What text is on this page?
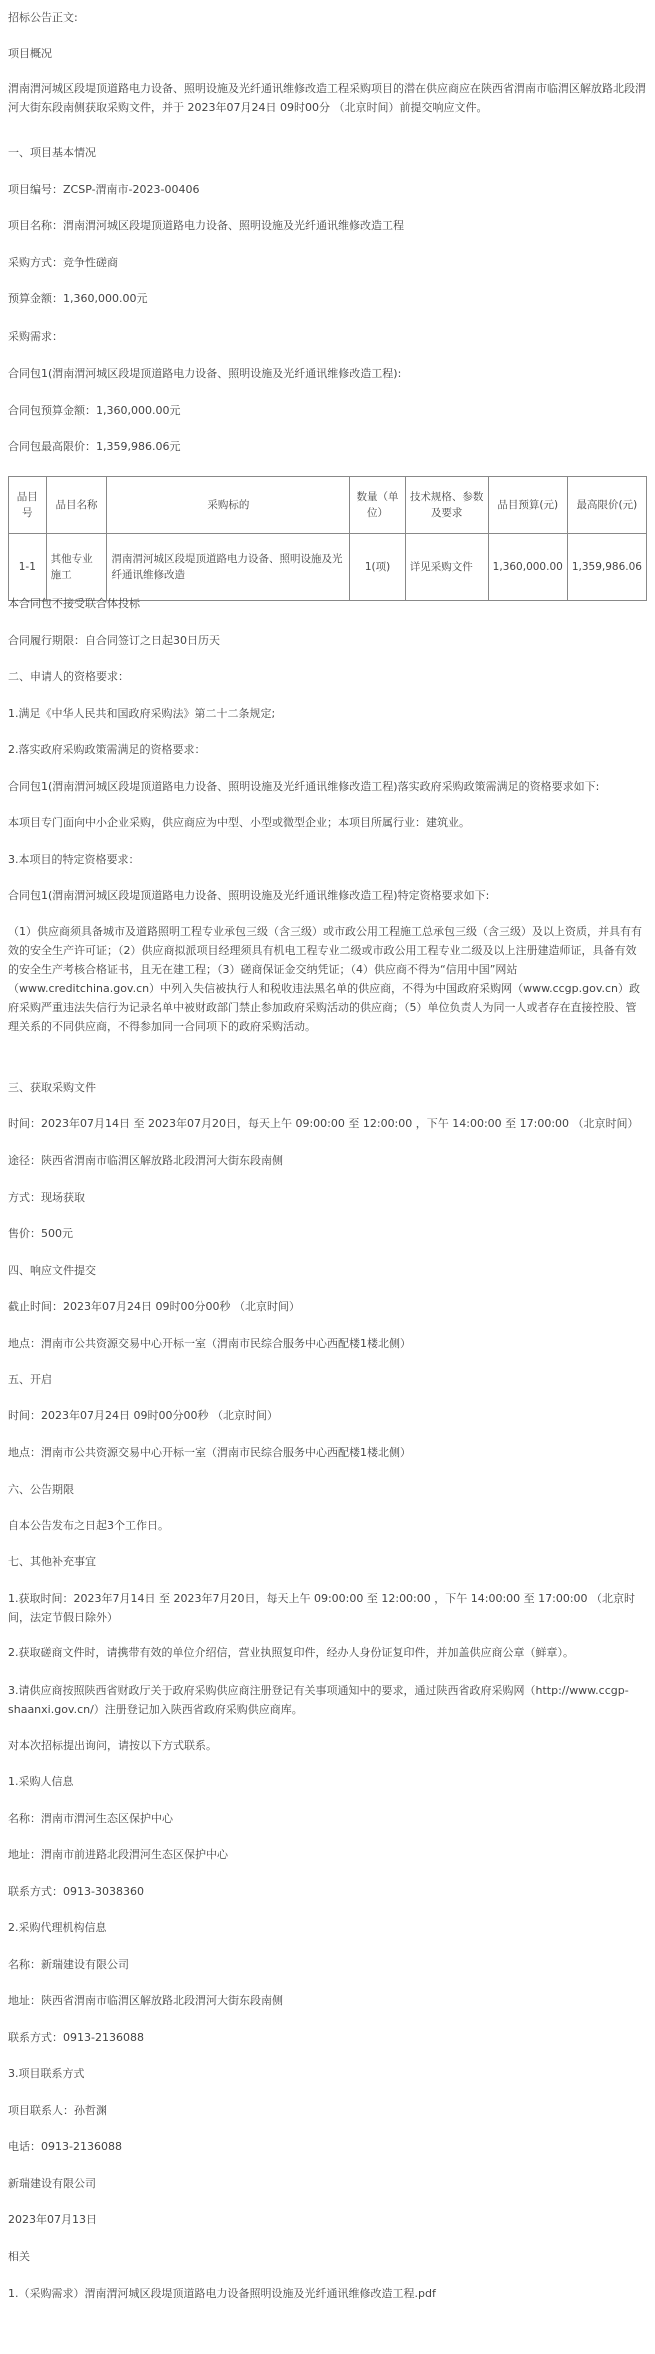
招标公告正文:

项目概况

渭南渭河城区段堤顶道路电力设备、照明设施及光纤通讯维修改造工程采购项目的潜在供应商应在陕西省渭南市临渭区解放路北段渭河大街东段南侧获取采购文件，并于 2023年07月24日 09时00分 （北京时间）前提交响应文件。

一、项目基本情况

项目编号：ZCSP-渭南市-2023-00406

项目名称：渭南渭河城区段堤顶道路电力设备、照明设施及光纤通讯维修改造工程

采购方式：竞争性磋商

预算金额：1,360,000.00元

采购需求：

合同包1(渭南渭河城区段堤顶道路电力设备、照明设施及光纤通讯维修改造工程):

合同包预算金额：1,360,000.00元

合同包最高限价：1,359,986.06元

品目号	品目名称	采购标的	数量（单位）	技术规格、参数及要求	品目预算(元)	最高限价(元)
1-1	其他专业施工	渭南渭河城区段堤顶道路电力设备、照明设施及光纤通讯维修改造	1(项)	详见采购文件	1,360,000.00	1,359,986.06

本合同包不接受联合体投标

合同履行期限：自合同签订之日起30日历天

二、申请人的资格要求：

1.满足《中华人民共和国政府采购法》第二十二条规定;

2.落实政府采购政策需满足的资格要求：

合同包1(渭南渭河城区段堤顶道路电力设备、照明设施及光纤通讯维修改造工程)落实政府采购政策需满足的资格要求如下:

本项目专门面向中小企业采购，供应商应为中型、小型或微型企业；本项目所属行业：建筑业。

3.本项目的特定资格要求：

合同包1(渭南渭河城区段堤顶道路电力设备、照明设施及光纤通讯维修改造工程)特定资格要求如下:

（1）供应商须具备城市及道路照明工程专业承包三级（含三级）或市政公用工程施工总承包三级（含三级）及以上资质，并具有有效的安全生产许可证；（2）供应商拟派项目经理须具有机电工程专业二级或市政公用工程专业二级及以上注册建造师证，具备有效的安全生产考核合格证书，且无在建工程；（3）磋商保证金交纳凭证；（4）供应商不得为“信用中国”网站（www.creditchina.gov.cn）中列入失信被执行人和税收违法黑名单的供应商，不得为中国政府采购网（www.ccgp.gov.cn）政府采购严重违法失信行为记录名单中被财政部门禁止参加政府采购活动的供应商；（5）单位负责人为同一人或者存在直接控股、管理关系的不同供应商，不得参加同一合同项下的政府采购活动。

三、获取采购文件

时间：2023年07月14日 至 2023年07月20日，每天上午 09:00:00 至 12:00:00 ，下午 14:00:00 至 17:00:00 （北京时间）

途径：陕西省渭南市临渭区解放路北段渭河大街东段南侧

方式：现场获取

售价：500元

四、响应文件提交

截止时间：2023年07月24日 09时00分00秒 （北京时间）

地点：渭南市公共资源交易中心开标一室（渭南市民综合服务中心西配楼1楼北侧）

五、开启

时间：2023年07月24日 09时00分00秒 （北京时间）

地点：渭南市公共资源交易中心开标一室（渭南市民综合服务中心西配楼1楼北侧）

六、公告期限

自本公告发布之日起3个工作日。

七、其他补充事宜

1.获取时间：2023年7月14日 至 2023年7月20日，每天上午 09:00:00 至 12:00:00 ，下午 14:00:00 至 17:00:00 （北京时间，法定节假日除外）

2.获取磋商文件时，请携带有效的单位介绍信，营业执照复印件，经办人身份证复印件，并加盖供应商公章（鲜章）。

3.请供应商按照陕西省财政厅关于政府采购供应商注册登记有关事项通知中的要求，通过陕西省政府采购网（http://www.ccgp-shaanxi.gov.cn/）注册登记加入陕西省政府采购供应商库。

对本次招标提出询问，请按以下方式联系。

1.采购人信息

名称：渭南市渭河生态区保护中心

地址：渭南市前进路北段渭河生态区保护中心

联系方式：0913-3038360

2.采购代理机构信息

名称：新瑞建设有限公司

地址：陕西省渭南市临渭区解放路北段渭河大街东段南侧

联系方式：0913-2136088

3.项目联系方式

项目联系人：孙哲渊

电话：0913-2136088

新瑞建设有限公司

2023年07月13日

相关

1.（采购需求）渭南渭河城区段堤顶道路电力设备照明设施及光纤通讯维修改造工程.pdf
